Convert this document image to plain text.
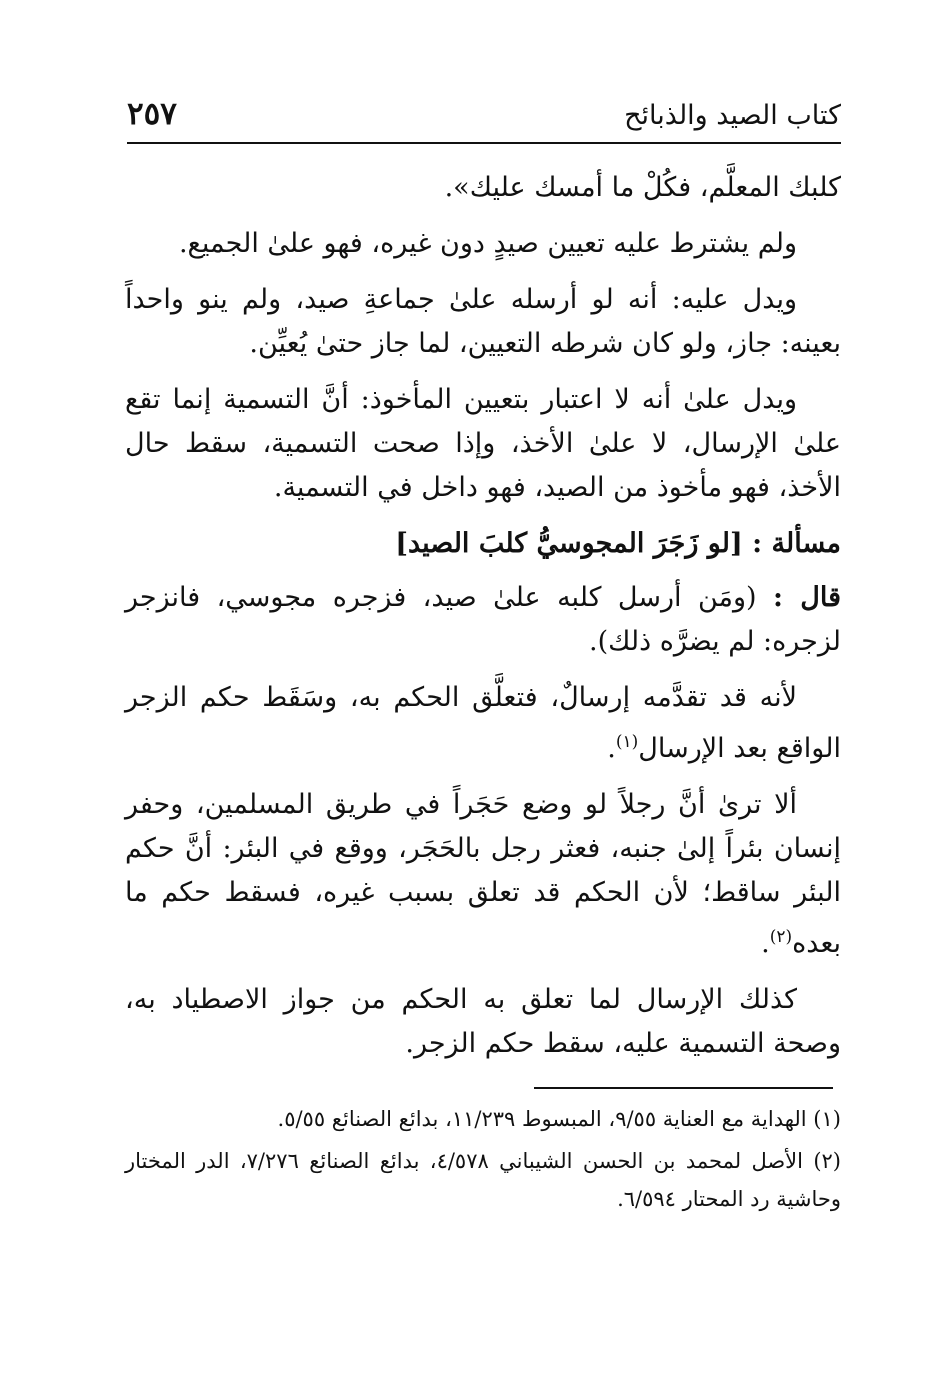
كتاب الصيد والذبائح
٢٥٧

كلبك المعلَّم، فكُلْ ما أمسك عليك».

ولم يشترط عليه تعيين صيدٍ دون غيره، فهو علىٰ الجميع.

ويدل عليه: أنه لو أرسله علىٰ جماعةِ صيد، ولم ينو واحداً بعينه: جاز، ولو كان شرطه التعيين، لما جاز حتىٰ يُعيِّن.

ويدل علىٰ أنه لا اعتبار بتعيين المأخوذ: أنَّ التسمية إنما تقع علىٰ الإرسال، لا علىٰ الأخذ، وإذا صحت التسمية، سقط حال الأخذ، فهو مأخوذ من الصيد، فهو داخل في التسمية.

مسألة : [لو زَجَرَ المجوسيُّ كلبَ الصيد]

قال : (ومَن أرسل كلبه علىٰ صيد، فزجره مجوسي، فانزجر لزجره: لم يضرَّه ذلك).

لأنه قد تقدَّمه إرسالٌ، فتعلَّق الحكم به، وسَقَط حكم الزجر الواقع بعد الإرسال$^{(١)}$.

ألا ترىٰ أنَّ رجلاً لو وضع حَجَراً في طريق المسلمين، وحفر إنسان بئراً إلىٰ جنبه، فعثر رجل بالحَجَر، ووقع في البئر: أنَّ حكم البئر ساقط؛ لأن الحكم قد تعلق بسبب غيره، فسقط حكم ما بعده$^{(٢)}$.

كذلك الإرسال لما تعلق به الحكم من جواز الاصطياد به، وصحة التسمية عليه، سقط حكم الزجر.

(١) الهداية مع العناية ٩/٥٥، المبسوط ١١/٢٣٩، بدائع الصنائع ٥/٥٥.

(٢) الأصل لمحمد بن الحسن الشيباني ٤/٥٧٨، بدائع الصنائع ٧/٢٧٦، الدر المختار وحاشية رد المحتار ٦/٥٩٤.
